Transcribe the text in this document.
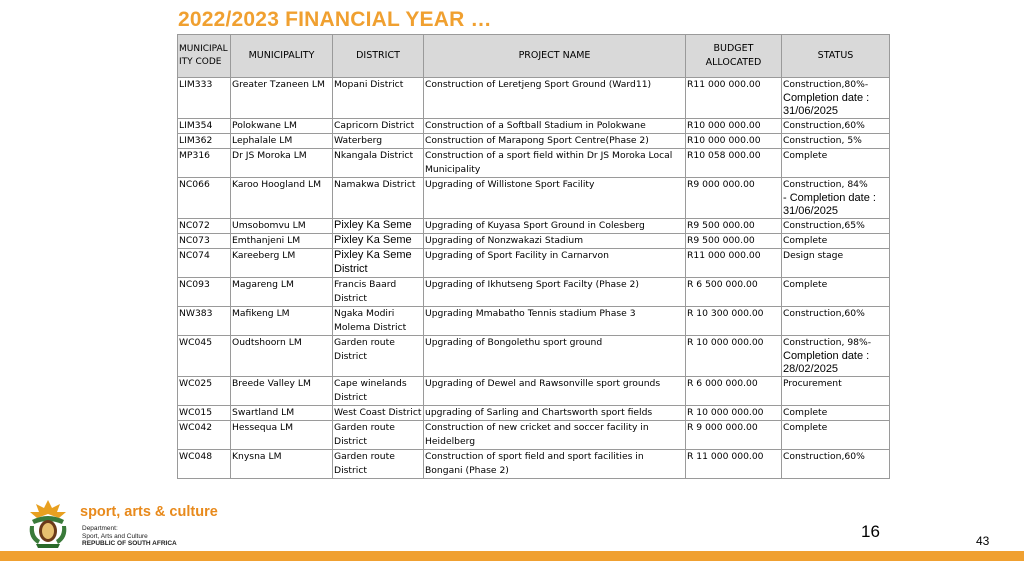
2022/2023 FINANCIAL YEAR …
MUNICIPALITY CODE	MUNICIPALITY	DISTRICT	PROJECT NAME	BUDGET ALLOCATED	STATUS
LIM333	Greater Tzaneen LM	Mopani District	Construction of Leretjeng Sport Ground (Ward11)	R11 000 000.00	Construction,80%-
Completion date : 31/06/2025

LIM354	Polokwane LM	Capricorn District	Construction of a Softball Stadium in Polokwane	R10 000 000.00	Construction,60%
LIM362	Lephalale LM	Waterberg	Construction of Marapong Sport Centre(Phase 2)	R10 000 000.00	Construction, 5%
MP316	Dr JS Moroka LM	Nkangala District	Construction of a sport field within Dr JS Moroka Local Municipality	R10 058 000.00	Complete
NC066	Karoo Hoogland LM	Namakwa District	Upgrading of Willistone Sport Facility	R9 000 000.00	Construction, 84%
- Completion date : 31/06/2025

NC072	Umsobomvu LM	Pixley Ka Seme	Upgrading of Kuyasa Sport Ground in Colesberg	R9 500 000.00	Construction,65%
NC073	Emthanjeni LM	Pixley Ka Seme	Upgrading of Nonzwakazi Stadium	R9 500 000.00	Complete
NC074	Kareeberg LM	Pixley Ka Seme District	Upgrading of Sport Facility in Carnarvon	R11 000 000.00	Design stage
NC093	Magareng LM	Francis Baard District	Upgrading of Ikhutseng Sport Facilty (Phase 2)	R 6 500 000.00	Complete
NW383	Mafikeng LM	Ngaka Modiri Molema District	Upgrading Mmabatho Tennis stadium Phase 3	R 10 300 000.00	Construction,60%
WC045	Oudtshoorn LM	Garden route District	Upgrading of Bongolethu sport ground	R 10 000 000.00	Construction, 98%-
Completion date : 28/02/2025

WC025	Breede Valley LM	Cape winelands District	Upgrading of Dewel and Rawsonville sport grounds	R 6 000 000.00	Procurement
WC015	Swartland LM	West Coast District	upgrading of Sarling and Chartsworth sport fields	R 10 000 000.00	Complete
WC042	Hessequa LM	Garden route District	Construction of new cricket and soccer facility in Heidelberg	R 9 000 000.00	Complete
WC048	Knysna LM	Garden route District	Construction of sport field and sport facilities in Bongani (Phase 2)	R 11 000 000.00	Construction,60%
sport, arts & culture
Department:
Sport, Arts and Culture
REPUBLIC OF SOUTH AFRICA
16	43
